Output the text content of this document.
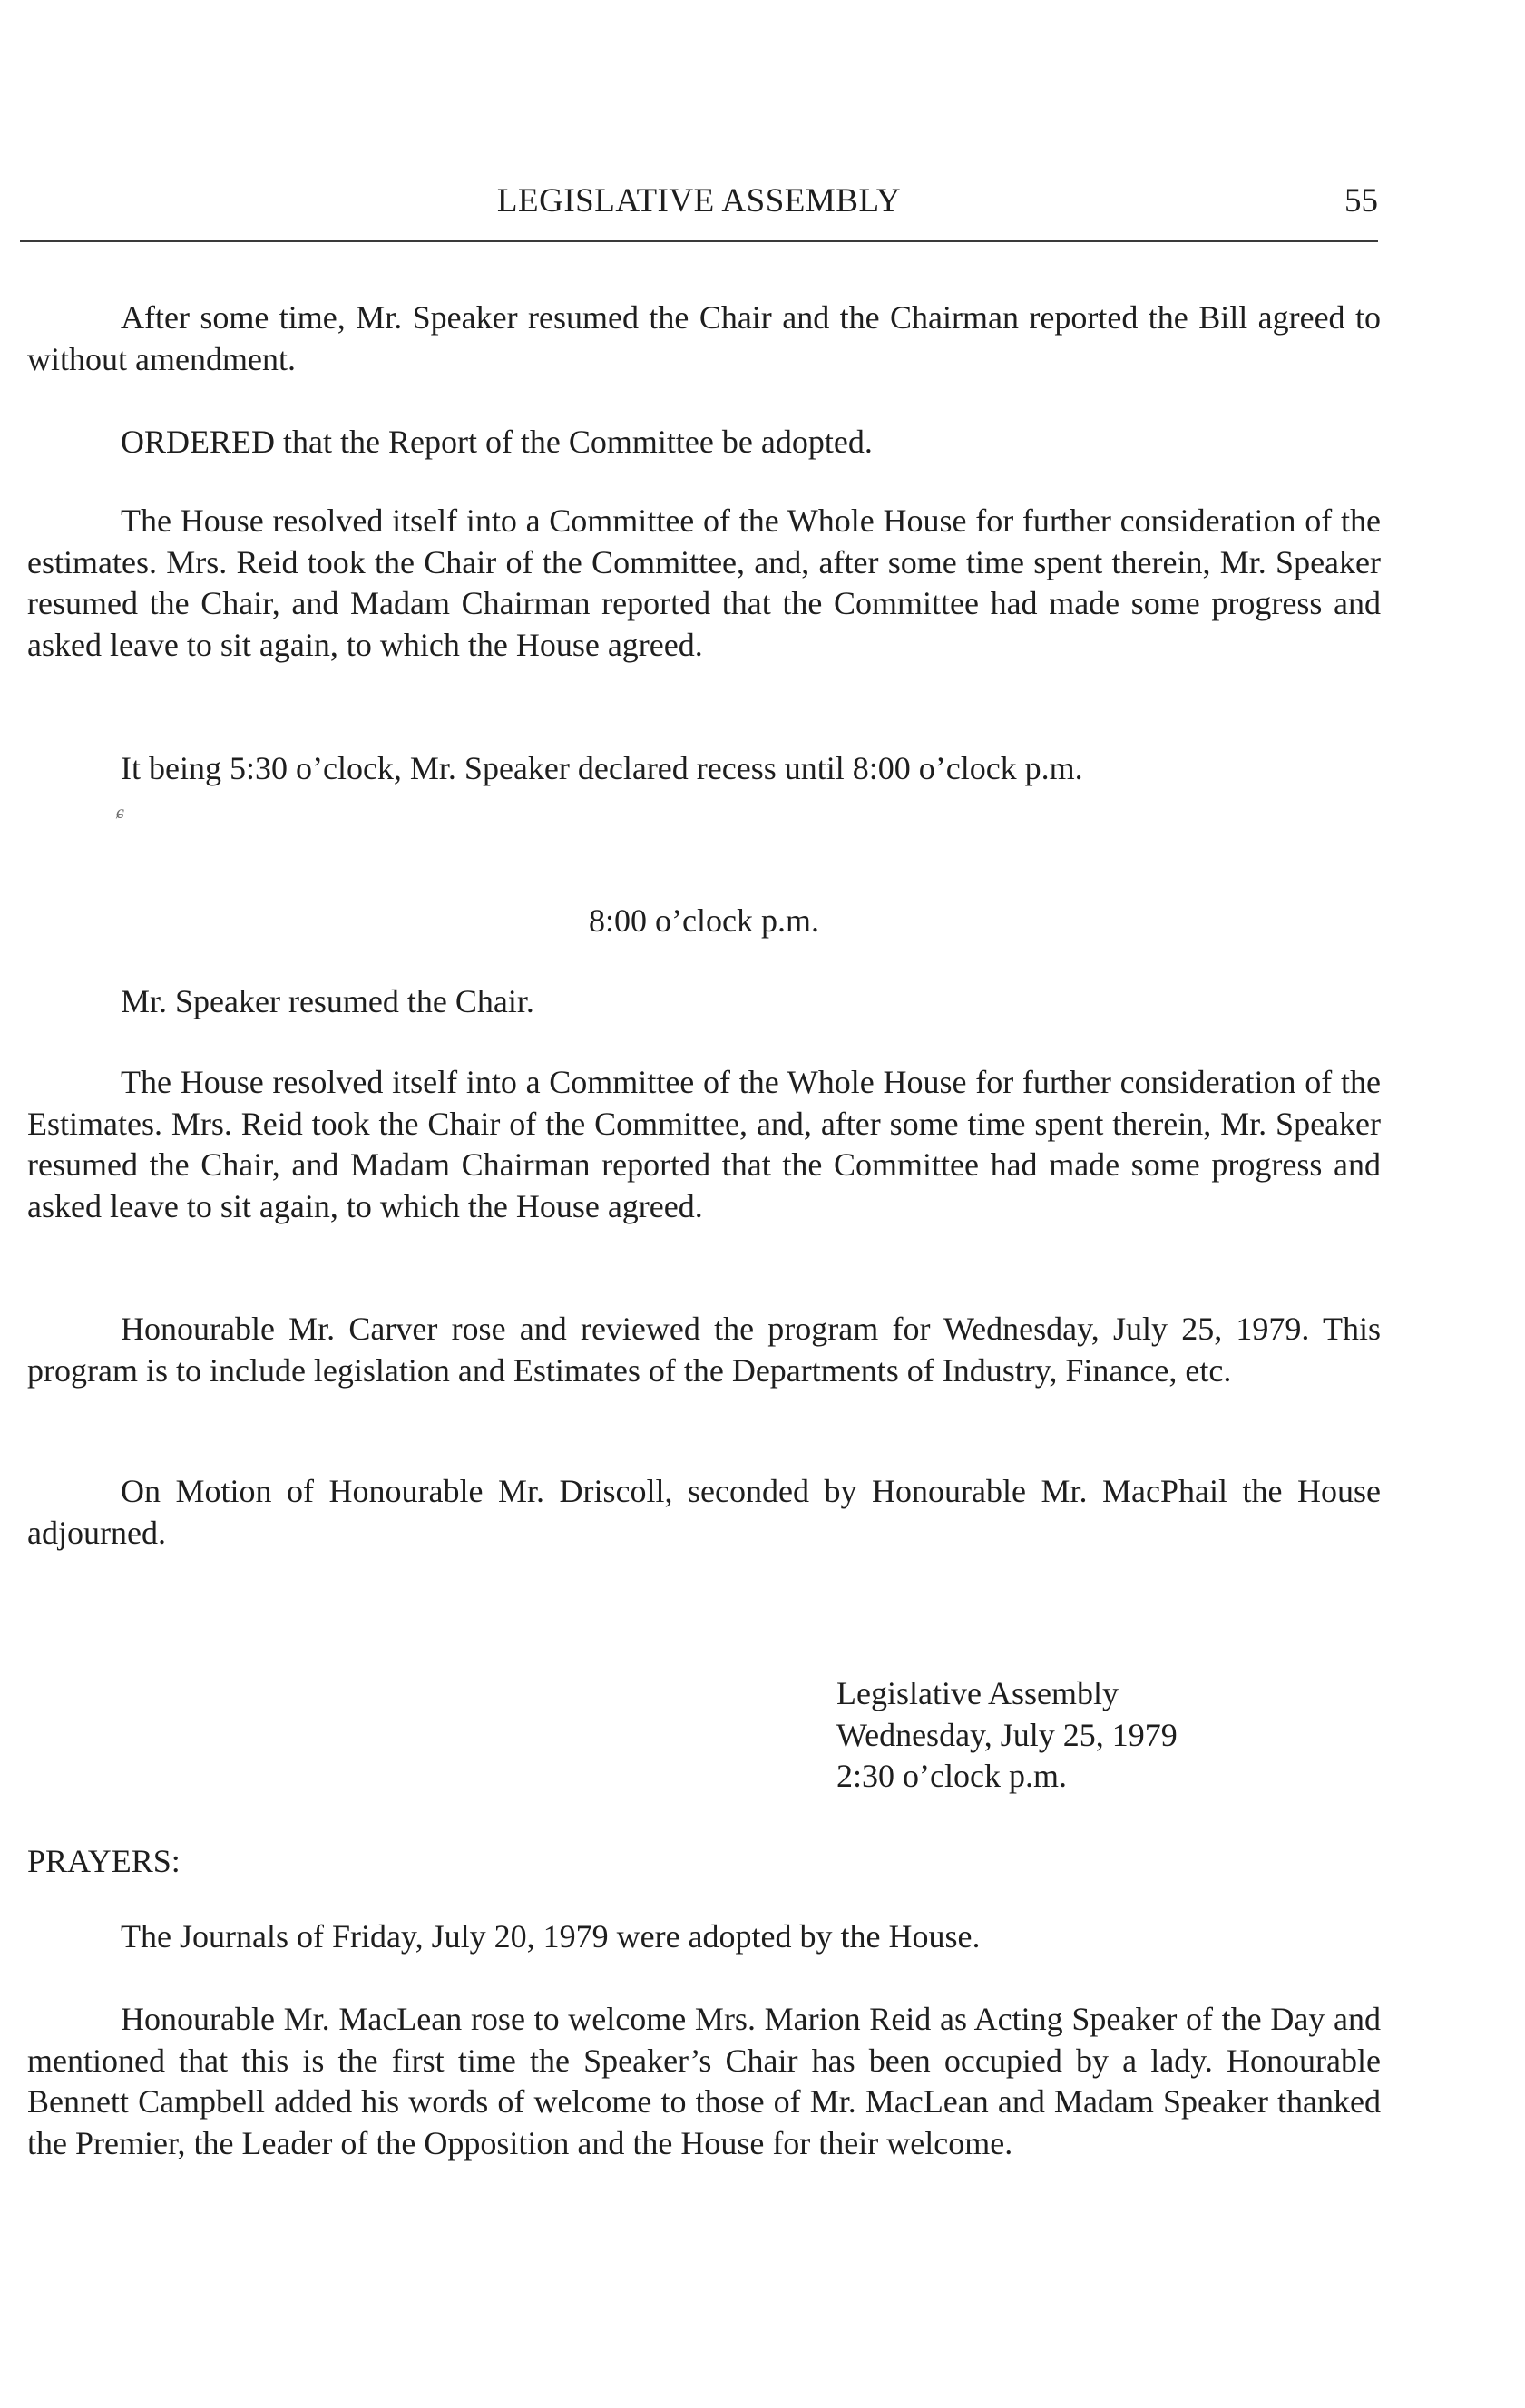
LEGISLATIVE ASSEMBLY	55

After some time, Mr. Speaker resumed the Chair and the Chairman reported the Bill agreed to without amendment.

ORDERED that the Report of the Committee be adopted.

The House resolved itself into a Committee of the Whole House for further consideration of the estimates. Mrs. Reid took the Chair of the Committee, and, after some time spent therein, Mr. Speaker resumed the Chair, and Madam Chairman reported that the Committee had made some progress and asked leave to sit again, to which the House agreed.

It being 5:30 o’clock, Mr. Speaker declared recess until 8:00 o’clock p.m.

ɕ
8:00 o’clock p.m.

Mr. Speaker resumed the Chair.

The House resolved itself into a Committee of the Whole House for further consideration of the Estimates. Mrs. Reid took the Chair of the Committee, and, after some time spent therein, Mr. Speaker resumed the Chair, and Madam Chairman reported that the Committee had made some progress and asked leave to sit again, to which the House agreed.

Honourable Mr. Carver rose and reviewed the program for Wednesday, July 25, 1979. This program is to include legislation and Estimates of the Departments of Industry, Finance, etc.

On Motion of Honourable Mr. Driscoll, seconded by Honourable Mr. MacPhail the House adjourned.

Legislative Assembly
Wednesday, July 25, 1979
2:30 o’clock p.m.

PRAYERS:

The Journals of Friday, July 20, 1979 were adopted by the House.

Honourable Mr. MacLean rose to welcome Mrs. Marion Reid as Acting Speaker of the Day and mentioned that this is the first time the Speaker’s Chair has been occupied by a lady. Honourable Bennett Campbell added his words of welcome to those of Mr. MacLean and Madam Speaker thanked the Premier, the Leader of the Opposition and the House for their welcome.
